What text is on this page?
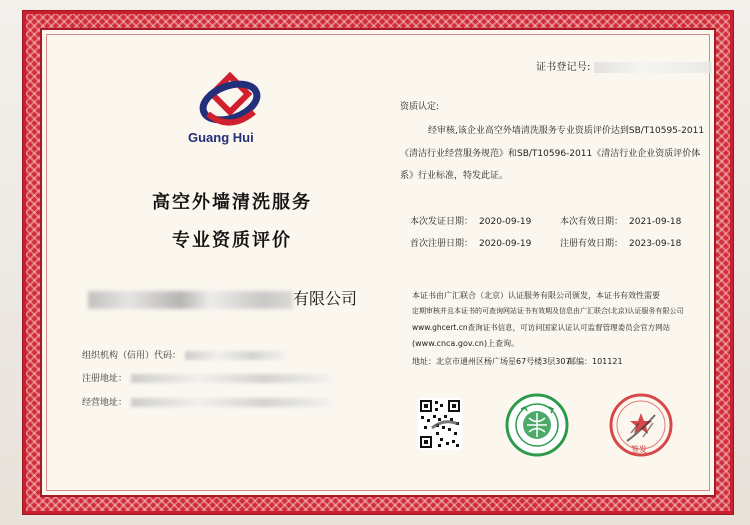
证书登记号:
Guang Hui
高空外墙清洗服务
专业资质评价
有限公司
组织机构（信用）代码：
注册地址：
经营地址：
资质认定:
经审核,该企业高空外墙清洗服务专业资质评价达到SB/T10595-2011
《清洁行业经营服务规范》和SB/T10596-2011《清洁行业企业资质评价体
系》行业标准，特发此证。
本次发证日期： 2020-09-19	本次有效日期： 2021-09-18
首次注册日期： 2020-09-19	注册有效日期： 2023-09-18
本证书由广汇联合（北京）认证服务有限公司颁发，本证书有效性需要
定期审核并且本证书的可查询网站证书有效期及信息由广汇联合(北京)认证服务有限公司
www.ghcert.cn查询证书信息，可访问国家认证认可监督管理委员会官方网站
(www.cnca.gov.cn)上查询。
地址：北京市通州区杨广场星67号楼3层307
邮编：101121
签发
